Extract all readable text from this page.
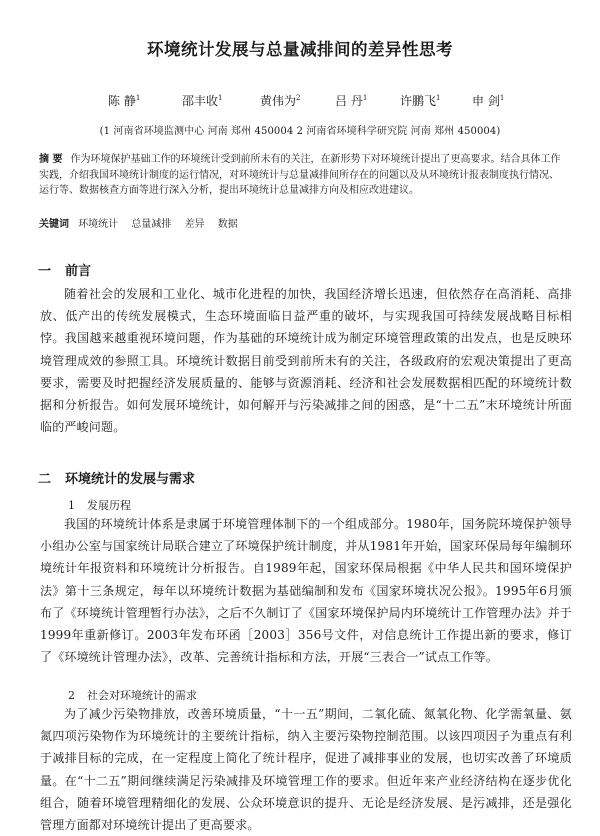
环境统计发展与总量减排间的差异性思考
陈 静$^1$	邵丰收$^1$	黄伟为$^2$	吕 丹$^1$	许鹏飞$^1$	申 剑$^1$
(1 河南省环境监测中心 河南 郑州 450004 2 河南省环境科学研究院 河南 郑州 450004)
摘 要 作为环境保护基础工作的环境统计受到前所未有的关注，在新形势下对环境统计提出了更高要求。结合具体工作实践，介绍我国环境统计制度的运行情况，对环境统计与总量减排间所存在的问题以及从环境统计报表制度执行情况、运行等、数据核查方面等进行深入分析，提出环境统计总量减排方向及相应改进建议。
关键词 环境统计 总量减排 差异 数据
一 前言
随着社会的发展和工业化、城市化进程的加快，我国经济增长迅速，但依然存在高消耗、高排放、低产出的传统发展模式，生态环境面临日益严重的破坏，与实现我国可持续发展战略目标相悖。我国越来越重视环境问题，作为基础的环境统计成为制定环境管理政策的出发点，也是反映环境管理成效的参照工具。环境统计数据目前受到前所未有的关注，各级政府的宏观决策提出了更高要求，需要及时把握经济发展质量的、能够与资源消耗、经济和社会发展数据相匹配的环境统计数据和分析报告。如何发展环境统计，如何解开与污染减排之间的困惑，是“十二五”末环境统计所面临的严峻问题。
二 环境统计的发展与需求
1 发展历程
我国的环境统计体系是隶属于环境管理体制下的一个组成部分。1980年，国务院环境保护领导小组办公室与国家统计局联合建立了环境保护统计制度，并从1981年开始，国家环保局每年编制环境统计年报资料和环境统计分析报告。自1989年起，国家环保局根据《中华人民共和国环境保护法》第十三条规定，每年以环境统计数据为基础编制和发布《国家环境状况公报》。1995年6月颁布了《环境统计管理暂行办法》，之后不久制订了《国家环境保护局内环境统计工作管理办法》并于1999年重新修订。2003年发布环函［2003］356号文件，对信息统计工作提出新的要求，修订了《环境统计管理办法》，改革、完善统计指标和方法，开展“三表合一”试点工作等。
2 社会对环境统计的需求
为了减少污染物排放，改善环境质量，“十一五”期间，二氧化硫、氮氧化物、化学需氧量、氨氮四项污染物作为环境统计的主要统计指标，纳入主要污染物控制范围。以该四项因子为重点有利于减排目标的完成，在一定程度上简化了统计程序，促进了减排事业的发展，也切实改善了环境质量。在“十二五”期间继续满足污染减排及环境管理工作的要求。但近年来产业经济结构在逐步优化组合，随着环境管理精细化的发展、公众环境意识的提升、无论是经济发展、是污减排，还是强化管理方面都对环境统计提出了更高要求。
